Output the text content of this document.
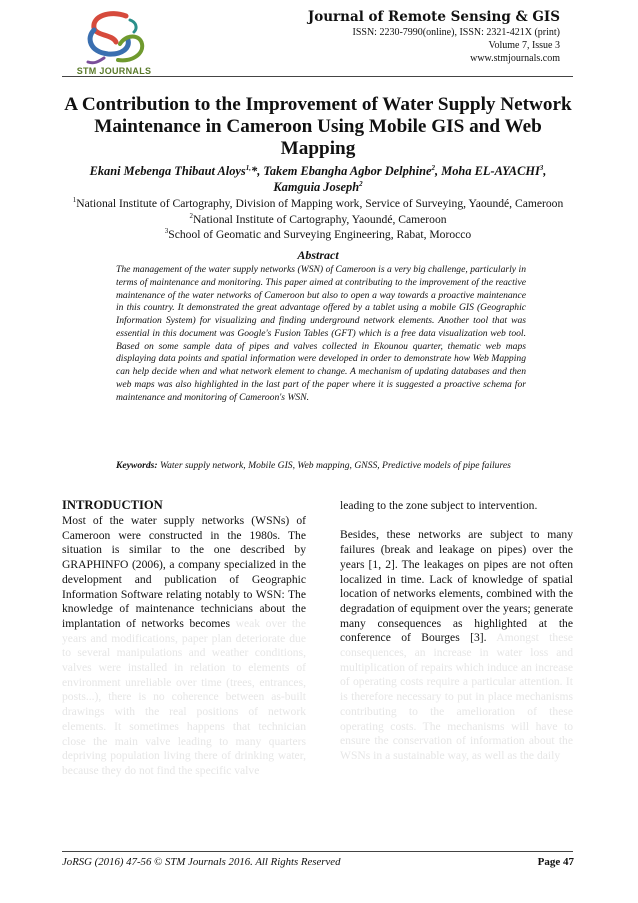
STM JOURNALS
Journal of Remote Sensing & GIS
ISSN: 2230-7990(online), ISSN: 2321-421X (print)
Volume 7, Issue 3
www.stmjournals.com
A Contribution to the Improvement of Water Supply Network Maintenance in Cameroon Using Mobile GIS and Web Mapping
Ekani Mebenga Thibaut Aloys$^{1,}$*, Takem Ebangha Agbor Delphine$^2$, Moha EL-AYACHI$^3$,
Kamguia Joseph$^2$
$^1$National Institute of Cartography, Division of Mapping work, Service of Surveying, Yaoundé, Cameroon
$^2$National Institute of Cartography, Yaoundé, Cameroon
$^3$School of Geomatic and Surveying Engineering, Rabat, Morocco
Abstract
The management of the water supply networks (WSN) of Cameroon is a very big challenge, particularly in terms of maintenance and monitoring. This paper aimed at contributing to the improvement of the reactive maintenance of the water networks of Cameroon but also to open a way towards a proactive maintenance in this country. It demonstrated the great advantage offered by a tablet using a mobile GIS (Geographic Information System) for visualizing and finding underground network elements. Another tool that was essential in this document was Google's Fusion Tables (GFT) which is a free data visualization web tool. Based on some sample data of pipes and valves collected in Ekounou quarter, thematic web maps displaying data points and spatial information were developed in order to demonstrate how Web Mapping can help decide when and what network element to change. A mechanism of updating databases and then web maps was also highlighted in the last part of the paper where it is suggested a proactive schema for maintenance and monitoring of Cameroon's WSN.
Keywords: Water supply network, Mobile GIS, Web mapping, GNSS, Predictive models of pipe failures
INTRODUCTION
Most of the water supply networks (WSNs) of Cameroon were constructed in the 1980s. The situation is similar to the one described by GRAPHINFO (2006), a company specialized in the development and publication of Geographic Information Software relating notably to WSN: The knowledge of maintenance technicians about the implantation of networks becomes weak over the years and modifications, paper plan deteriorate due to several manipulations and weather conditions, valves were installed in relation to elements of environment unreliable over time (trees, entrances, posts...), there is no coherence between as-built drawings with the real positions of network elements. It sometimes happens that technician close the main valve leading to many quarters depriving population living there of drinking water, because they do not find the specific valve
leading to the zone subject to intervention.
Besides, these networks are subject to many failures (break and leakage on pipes) over the years [1, 2]. The leakages on pipes are not often localized in time. Lack of knowledge of spatial location of networks elements, combined with the degradation of equipment over the years; generate many consequences as highlighted at the conference of Bourges [3]. Amongst these consequences, an increase in water loss and multiplication of repairs which induce an increase of operating costs require a particular attention. It is therefore necessary to put in place mechanisms contributing to the amelioration of these operating costs. The mechanisms will have to ensure the conservation of information about the WSNs in a sustainable way, as well as the daily
JoRSG (2016) 47-56 © STM Journals 2016. All Rights Reserved	Page 47
